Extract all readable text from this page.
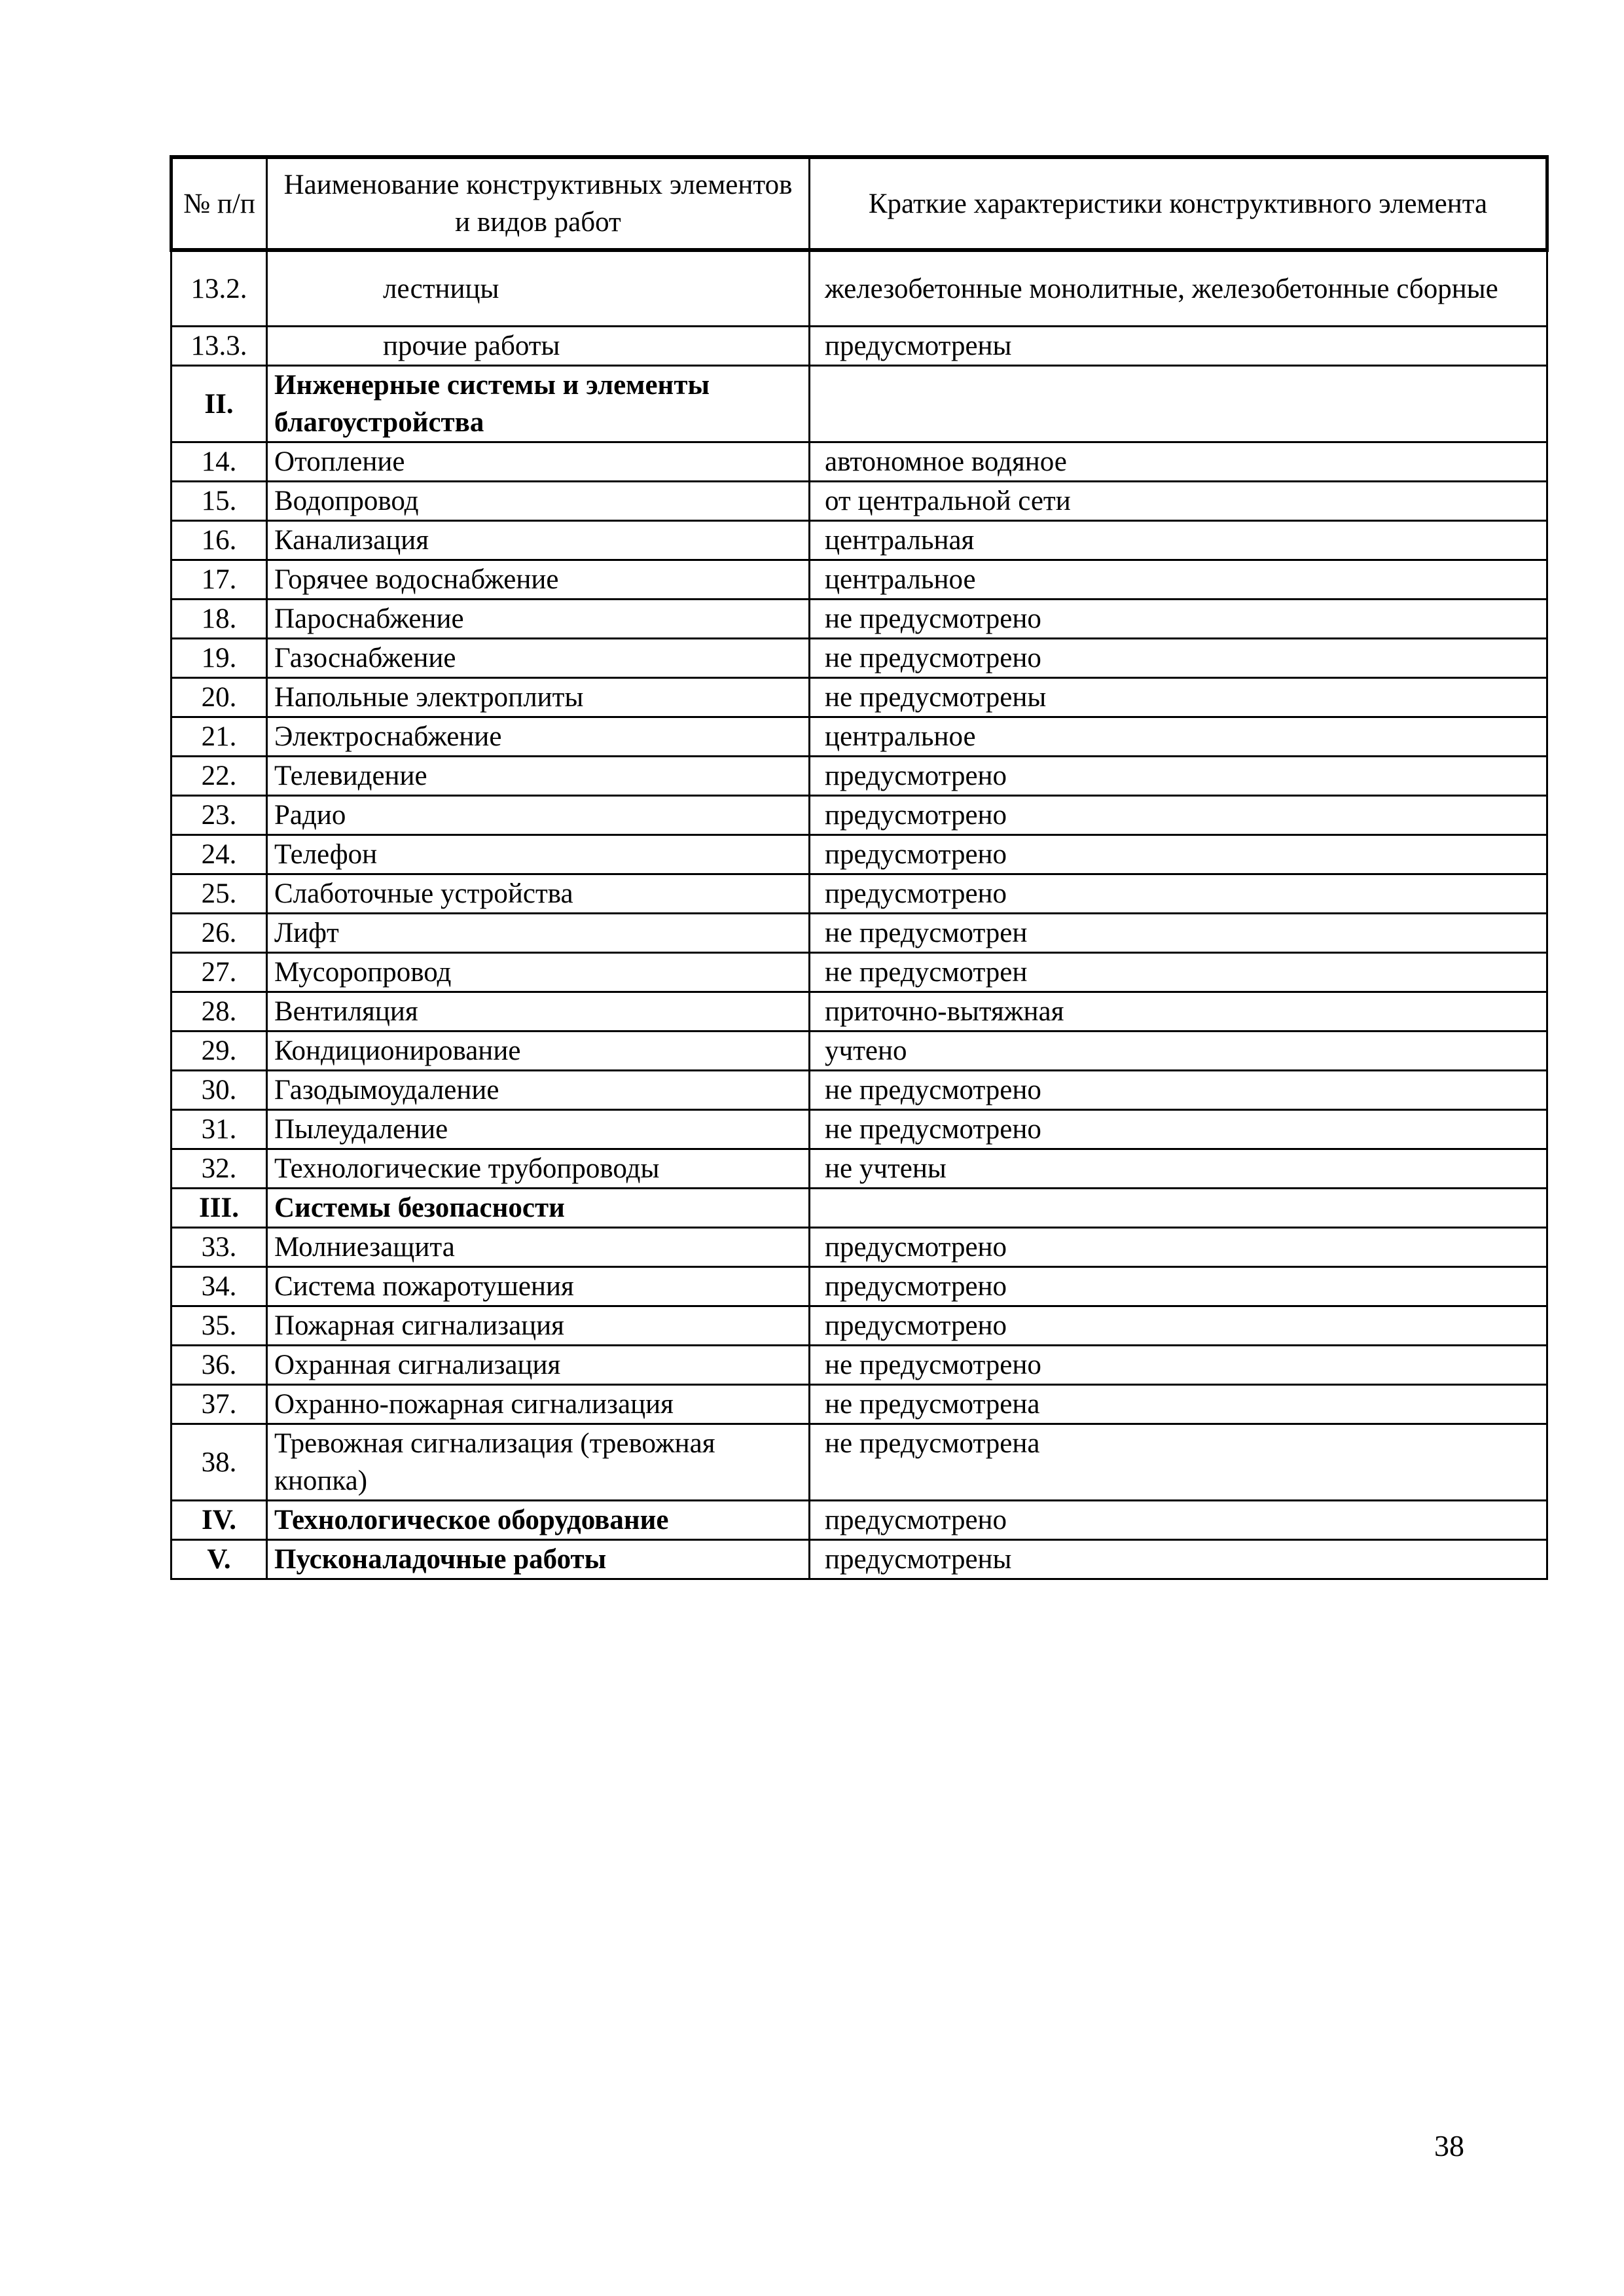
№ п/п	Наименование конструктивных элементов и видов работ	Краткие характеристики конструктивного элемента
13.2.	лестницы	железобетонные монолитные, железобетонные сборные
13.3.	прочие работы	предусмотрены
II.	Инженерные системы и элементы благоустройства	
14.	Отопление	автономное водяное
15.	Водопровод	от центральной сети
16.	Канализация	центральная
17.	Горячее водоснабжение	центральное
18.	Пароснабжение	не предусмотрено
19.	Газоснабжение	не предусмотрено
20.	Напольные электроплиты	не предусмотрены
21.	Электроснабжение	центральное
22.	Телевидение	предусмотрено
23.	Радио	предусмотрено
24.	Телефон	предусмотрено
25.	Слаботочные устройства	предусмотрено
26.	Лифт	не предусмотрен
27.	Мусоропровод	не предусмотрен
28.	Вентиляция	приточно-вытяжная
29.	Кондиционирование	учтено
30.	Газодымоудаление	не предусмотрено
31.	Пылеудаление	не предусмотрено
32.	Технологические трубопроводы	не учтены
III.	Системы безопасности	
33.	Молниезащита	предусмотрено
34.	Система пожаротушения	предусмотрено
35.	Пожарная сигнализация	предусмотрено
36.	Охранная сигнализация	не предусмотрено
37.	Охранно-пожарная сигнализация	не предусмотрена
38.	Тревожная сигнализация (тревожная кнопка)	не предусмотрена
IV.	Технологическое оборудование	предусмотрено
V.	Пусконаладочные работы	предусмотрены
38
